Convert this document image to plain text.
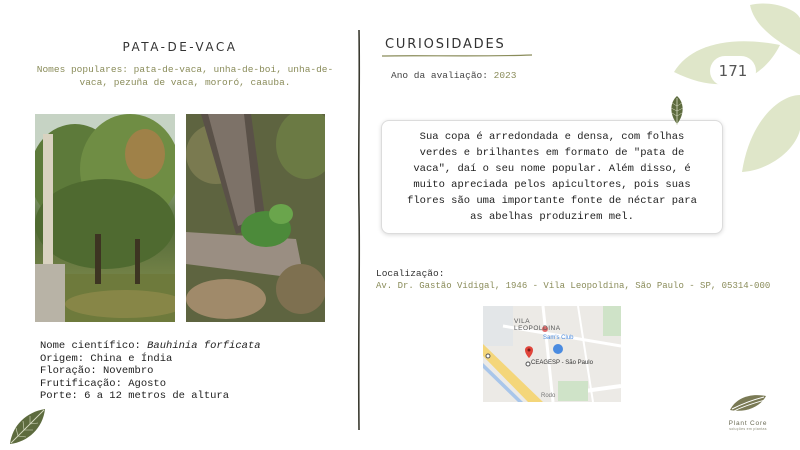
PATA-DE-VACA
Nomes populares: pata-de-vaca, unha-de-boi, unha-de-vaca, pezuña de vaca, mororó, caauba.
Nome científico: Bauhinia forficata
Origem: China e Índia
Floração: Novembro
Frutificação: Agosto
Porte: 6 a 12 metros de altura
CURIOSIDADES
Ano da avaliação: 2023
Sua copa é arredondada e densa, com folhas verdes e brilhantes em formato de "pata de vaca", daí o seu nome popular. Além disso, é muito apreciada pelos apicultores, pois suas flores são uma importante fonte de néctar para as abelhas produzirem mel.
Localização:
Av. Dr. Gastão Vidigal, 1946 - Vila Leopoldina, São Paulo - SP, 05314-000
VILA
LEOPOLDINA
Sam's Club
CEAGESP - São Paulo
Rodo
171
Plant Core
soluções em plantas
